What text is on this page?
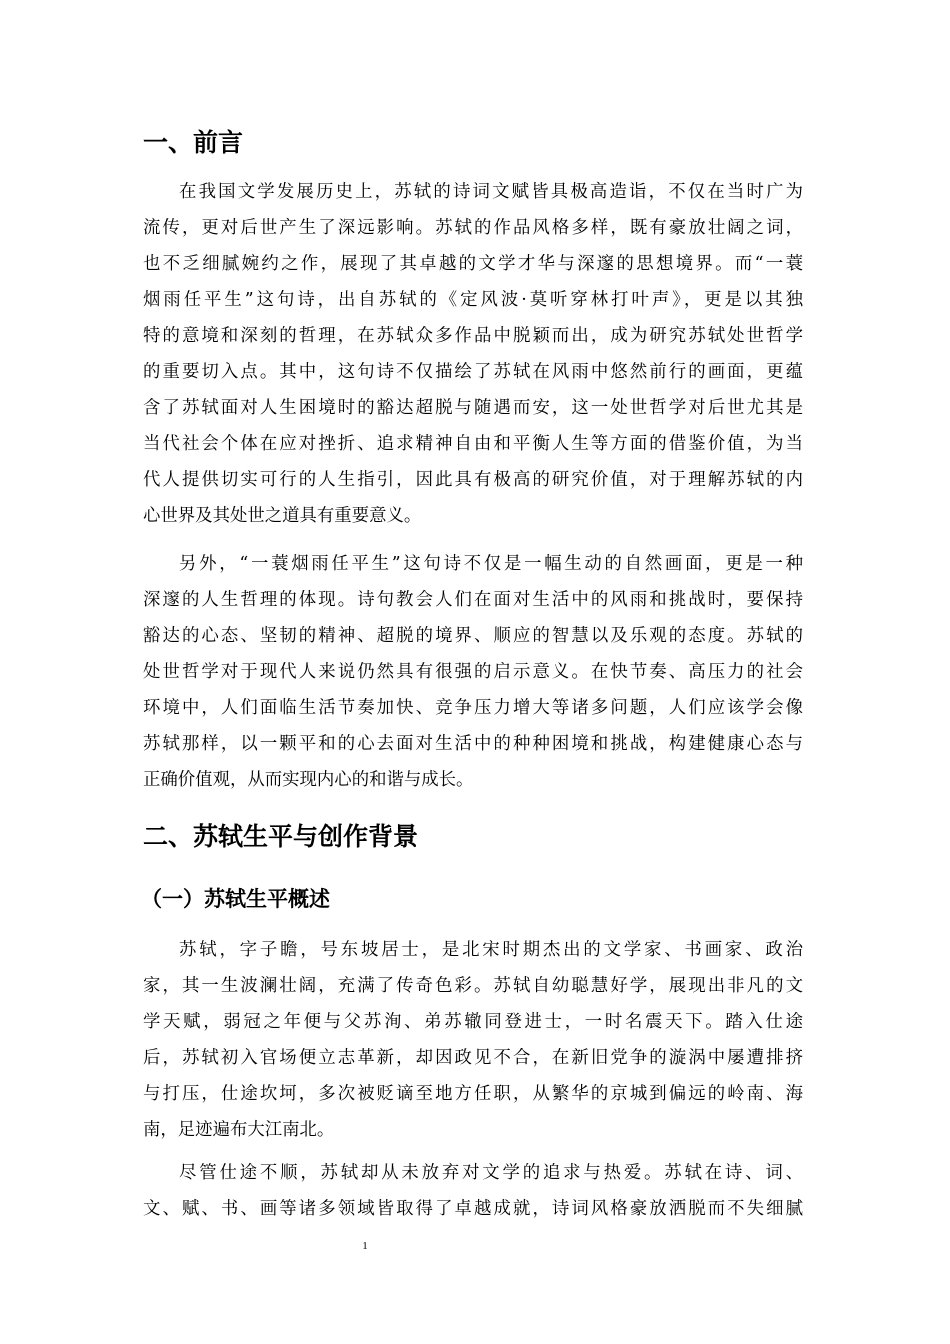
一、前言
在我国文学发展历史上，苏轼的诗词文赋皆具极高造诣，不仅在当时广为
流传，更对后世产生了深远影响。苏轼的作品风格多样，既有豪放壮阔之词，
也不乏细腻婉约之作，展现了其卓越的文学才华与深邃的思想境界。而“一蓑
烟雨任平生”这句诗，出自苏轼的《定风波·莫听穿林打叶声》，更是以其独
特的意境和深刻的哲理，在苏轼众多作品中脱颖而出，成为研究苏轼处世哲学
的重要切入点。其中，这句诗不仅描绘了苏轼在风雨中悠然前行的画面，更蕴
含了苏轼面对人生困境时的豁达超脱与随遇而安，这一处世哲学对后世尤其是
当代社会个体在应对挫折、追求精神自由和平衡人生等方面的借鉴价值，为当
代人提供切实可行的人生指引，因此具有极高的研究价值，对于理解苏轼的内
心世界及其处世之道具有重要意义。
另外，“一蓑烟雨任平生”这句诗不仅是一幅生动的自然画面，更是一种
深邃的人生哲理的体现。诗句教会人们在面对生活中的风雨和挑战时，要保持
豁达的心态、坚韧的精神、超脱的境界、顺应的智慧以及乐观的态度。苏轼的
处世哲学对于现代人来说仍然具有很强的启示意义。在快节奏、高压力的社会
环境中，人们面临生活节奏加快、竞争压力增大等诸多问题，人们应该学会像
苏轼那样，以一颗平和的心去面对生活中的种种困境和挑战，构建健康心态与
正确价值观，从而实现内心的和谐与成长。
二、苏轼生平与创作背景
（一）苏轼生平概述
苏轼，字子瞻，号东坡居士，是北宋时期杰出的文学家、书画家、政治
家，其一生波澜壮阔，充满了传奇色彩。苏轼自幼聪慧好学，展现出非凡的文
学天赋，弱冠之年便与父苏洵、弟苏辙同登进士，一时名震天下。踏入仕途
后，苏轼初入官场便立志革新，却因政见不合，在新旧党争的漩涡中屡遭排挤
与打压，仕途坎坷，多次被贬谪至地方任职，从繁华的京城到偏远的岭南、海
南，足迹遍布大江南北。
尽管仕途不顺，苏轼却从未放弃对文学的追求与热爱。苏轼在诗、词、
文、赋、书、画等诸多领域皆取得了卓越成就，诗词风格豪放洒脱而不失细腻
1
